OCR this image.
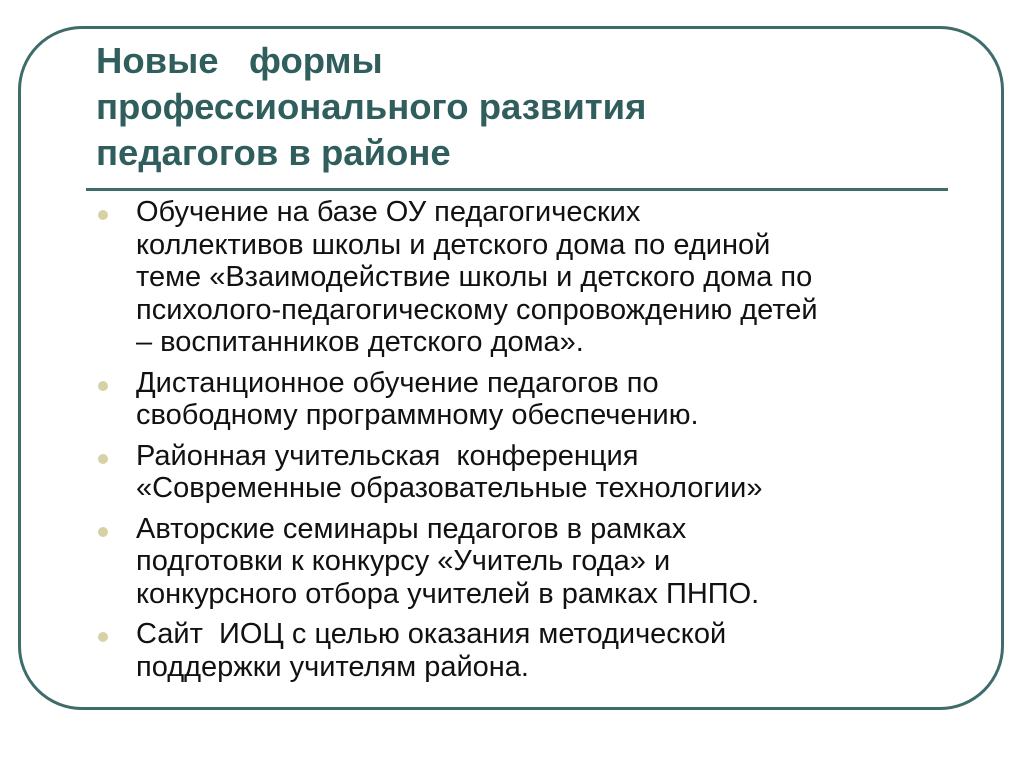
Новые   формы
профессионального развития
педагогов в районе
Обучение на базе ОУ педагогических
коллективов школы и детского дома по единой
теме «Взаимодействие школы и детского дома по
психолого-педагогическому сопровождению детей
– воспитанников детского дома».
Дистанционное обучение педагогов по
свободному программному обеспечению.
Районная учительская  конференция
«Современные образовательные технологии»
Авторские семинары педагогов в рамках
подготовки к конкурсу «Учитель года» и
конкурсного отбора учителей в рамках ПНПО.
Сайт  ИОЦ с целью оказания методической
поддержки учителям района.
